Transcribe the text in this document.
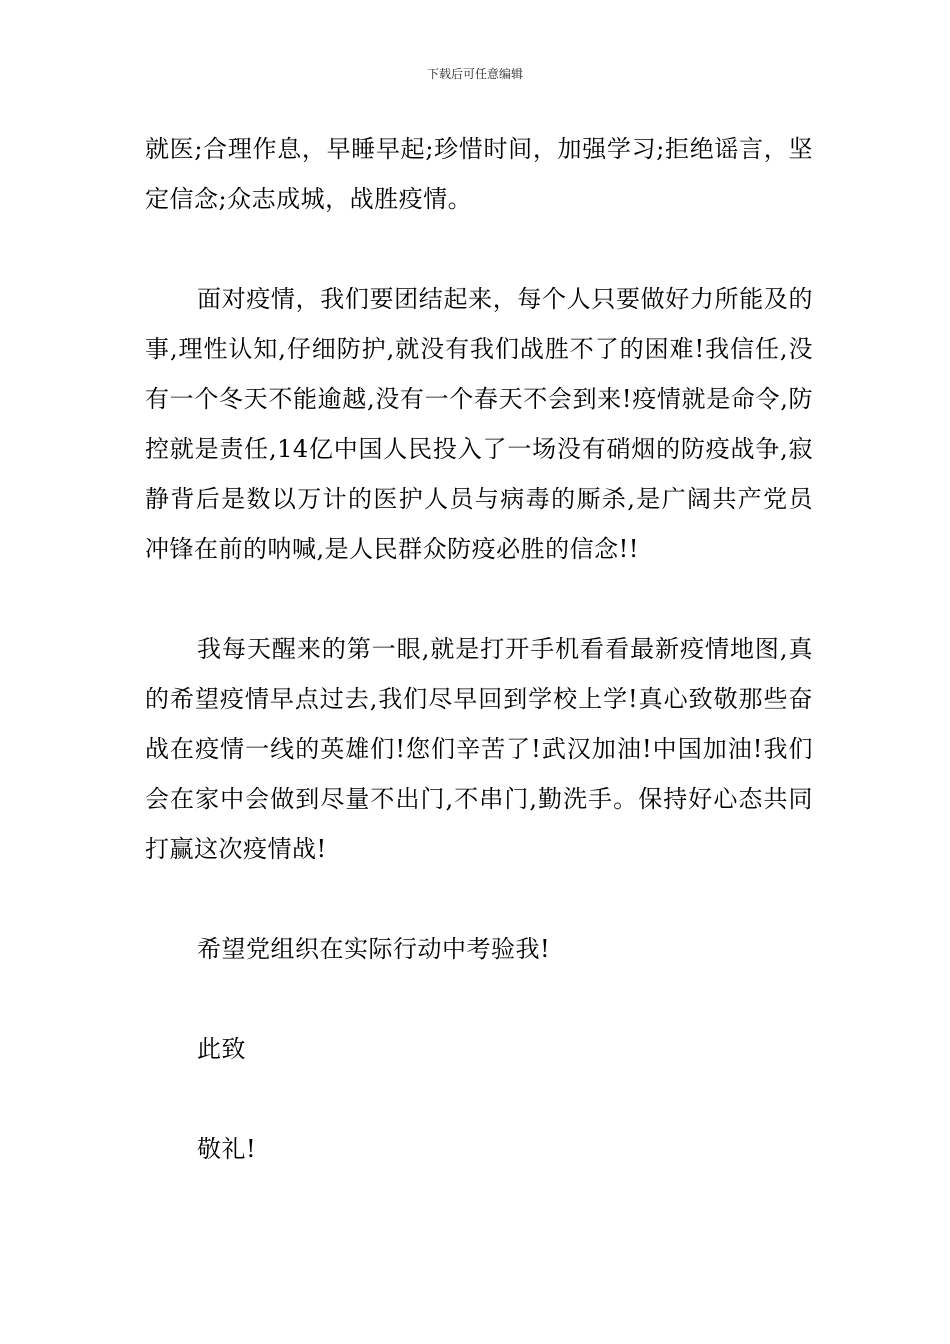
下载后可任意编辑

就医;合理作息，早睡早起;珍惜时间，加强学习;拒绝谣言，坚定信念;众志成城，战胜疫情。

面对疫情，我们要团结起来，每个人只要做好力所能及的事,理性认知,仔细防护,就没有我们战胜不了的困难!我信任,没有一个冬天不能逾越,没有一个春天不会到来!疫情就是命令,防控就是责任,14亿中国人民投入了一场没有硝烟的防疫战争,寂静背后是数以万计的医护人员与病毒的厮杀,是广阔共产党员冲锋在前的呐喊,是人民群众防疫必胜的信念!!

我每天醒来的第一眼,就是打开手机看看最新疫情地图,真的希望疫情早点过去,我们尽早回到学校上学!真心致敬那些奋战在疫情一线的英雄们!您们辛苦了!武汉加油!中国加油!我们会在家中会做到尽量不出门,不串门,勤洗手。保持好心态共同打赢这次疫情战!

希望党组织在实际行动中考验我!

此致

敬礼!
